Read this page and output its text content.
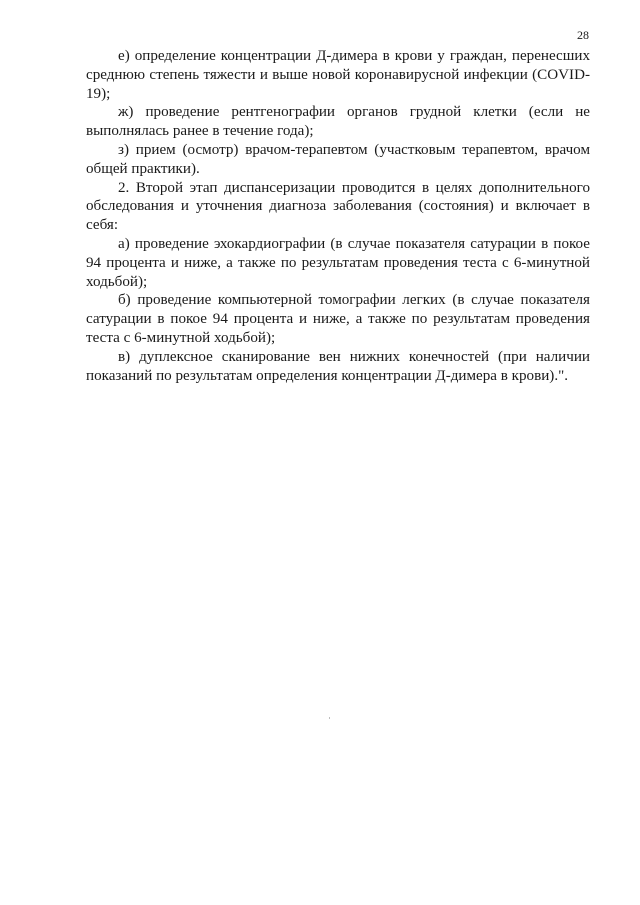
28

е) определение концентрации Д-димера в крови у граждан, перенесших среднюю степень тяжести и выше новой коронавирусной инфекции (COVID-19);

ж) проведение рентгенографии органов грудной клетки (если не выполнялась ранее в течение года);

з) прием (осмотр) врачом-терапевтом (участковым терапевтом, врачом общей практики).

2. Второй этап диспансеризации проводится в целях дополнительного обследования и уточнения диагноза заболевания (состояния) и включает в себя:

а) проведение эхокардиографии (в случае показателя сатурации в покое 94 процента и ниже, а также по результатам проведения теста с 6-минутной ходьбой);

б) проведение компьютерной томографии легких (в случае показателя сатурации в покое 94 процента и ниже, а также по результатам проведения теста с 6-минутной ходьбой);

в) дуплексное сканирование вен нижних конечностей (при наличии показаний по результатам определения концентрации Д-димера в крови).".
